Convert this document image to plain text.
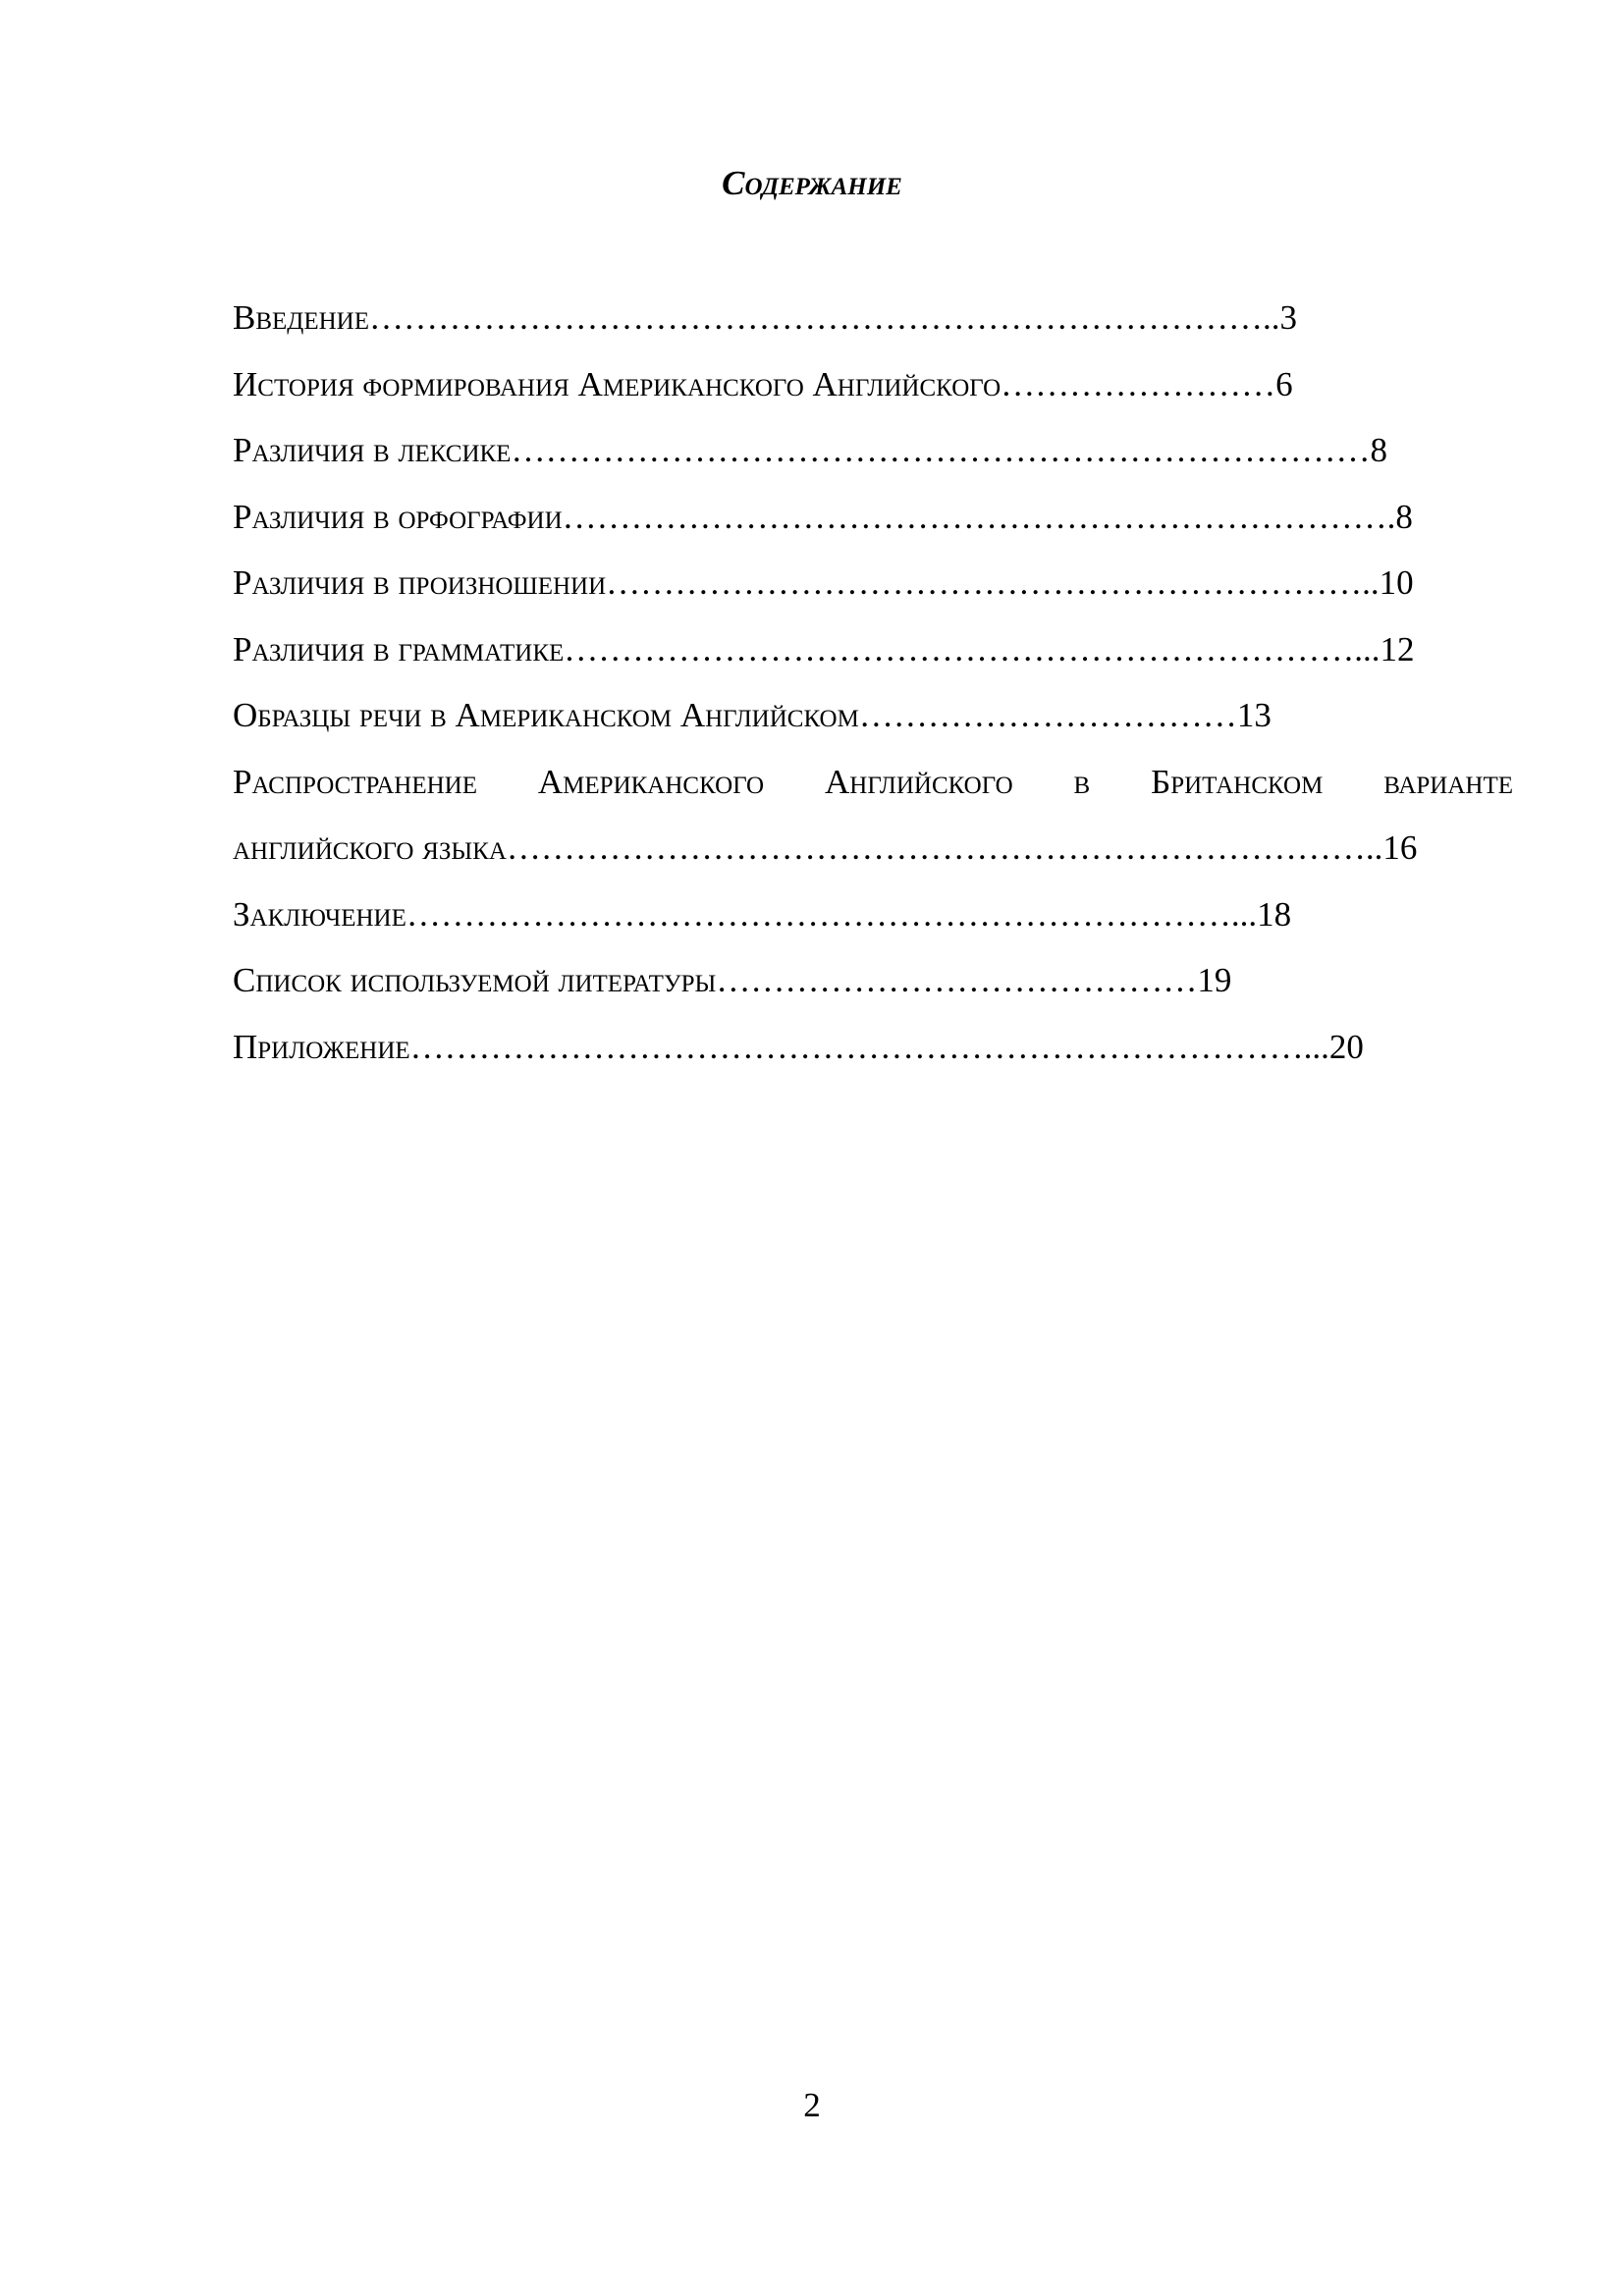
Содержание
Введение……………………………………………………………………..3
История формирования Американского Английского……………………6
Различия в лексике…………………………………………………………………8
Различия в орфографии……………………………………………………………….8
Различия в произношении…………………………………………………………..10
Различия в грамматике……………………………………………………………...12
Образцы речи в Американском Английском……………………………13
Распространение Американского Английского в Британском варианте
английского языка…………………………………………………………………..16
Заключение………………………………………………………………...18
Список используемой литературы……………………………………19
Приложение……………………………………………………………………...20
2
